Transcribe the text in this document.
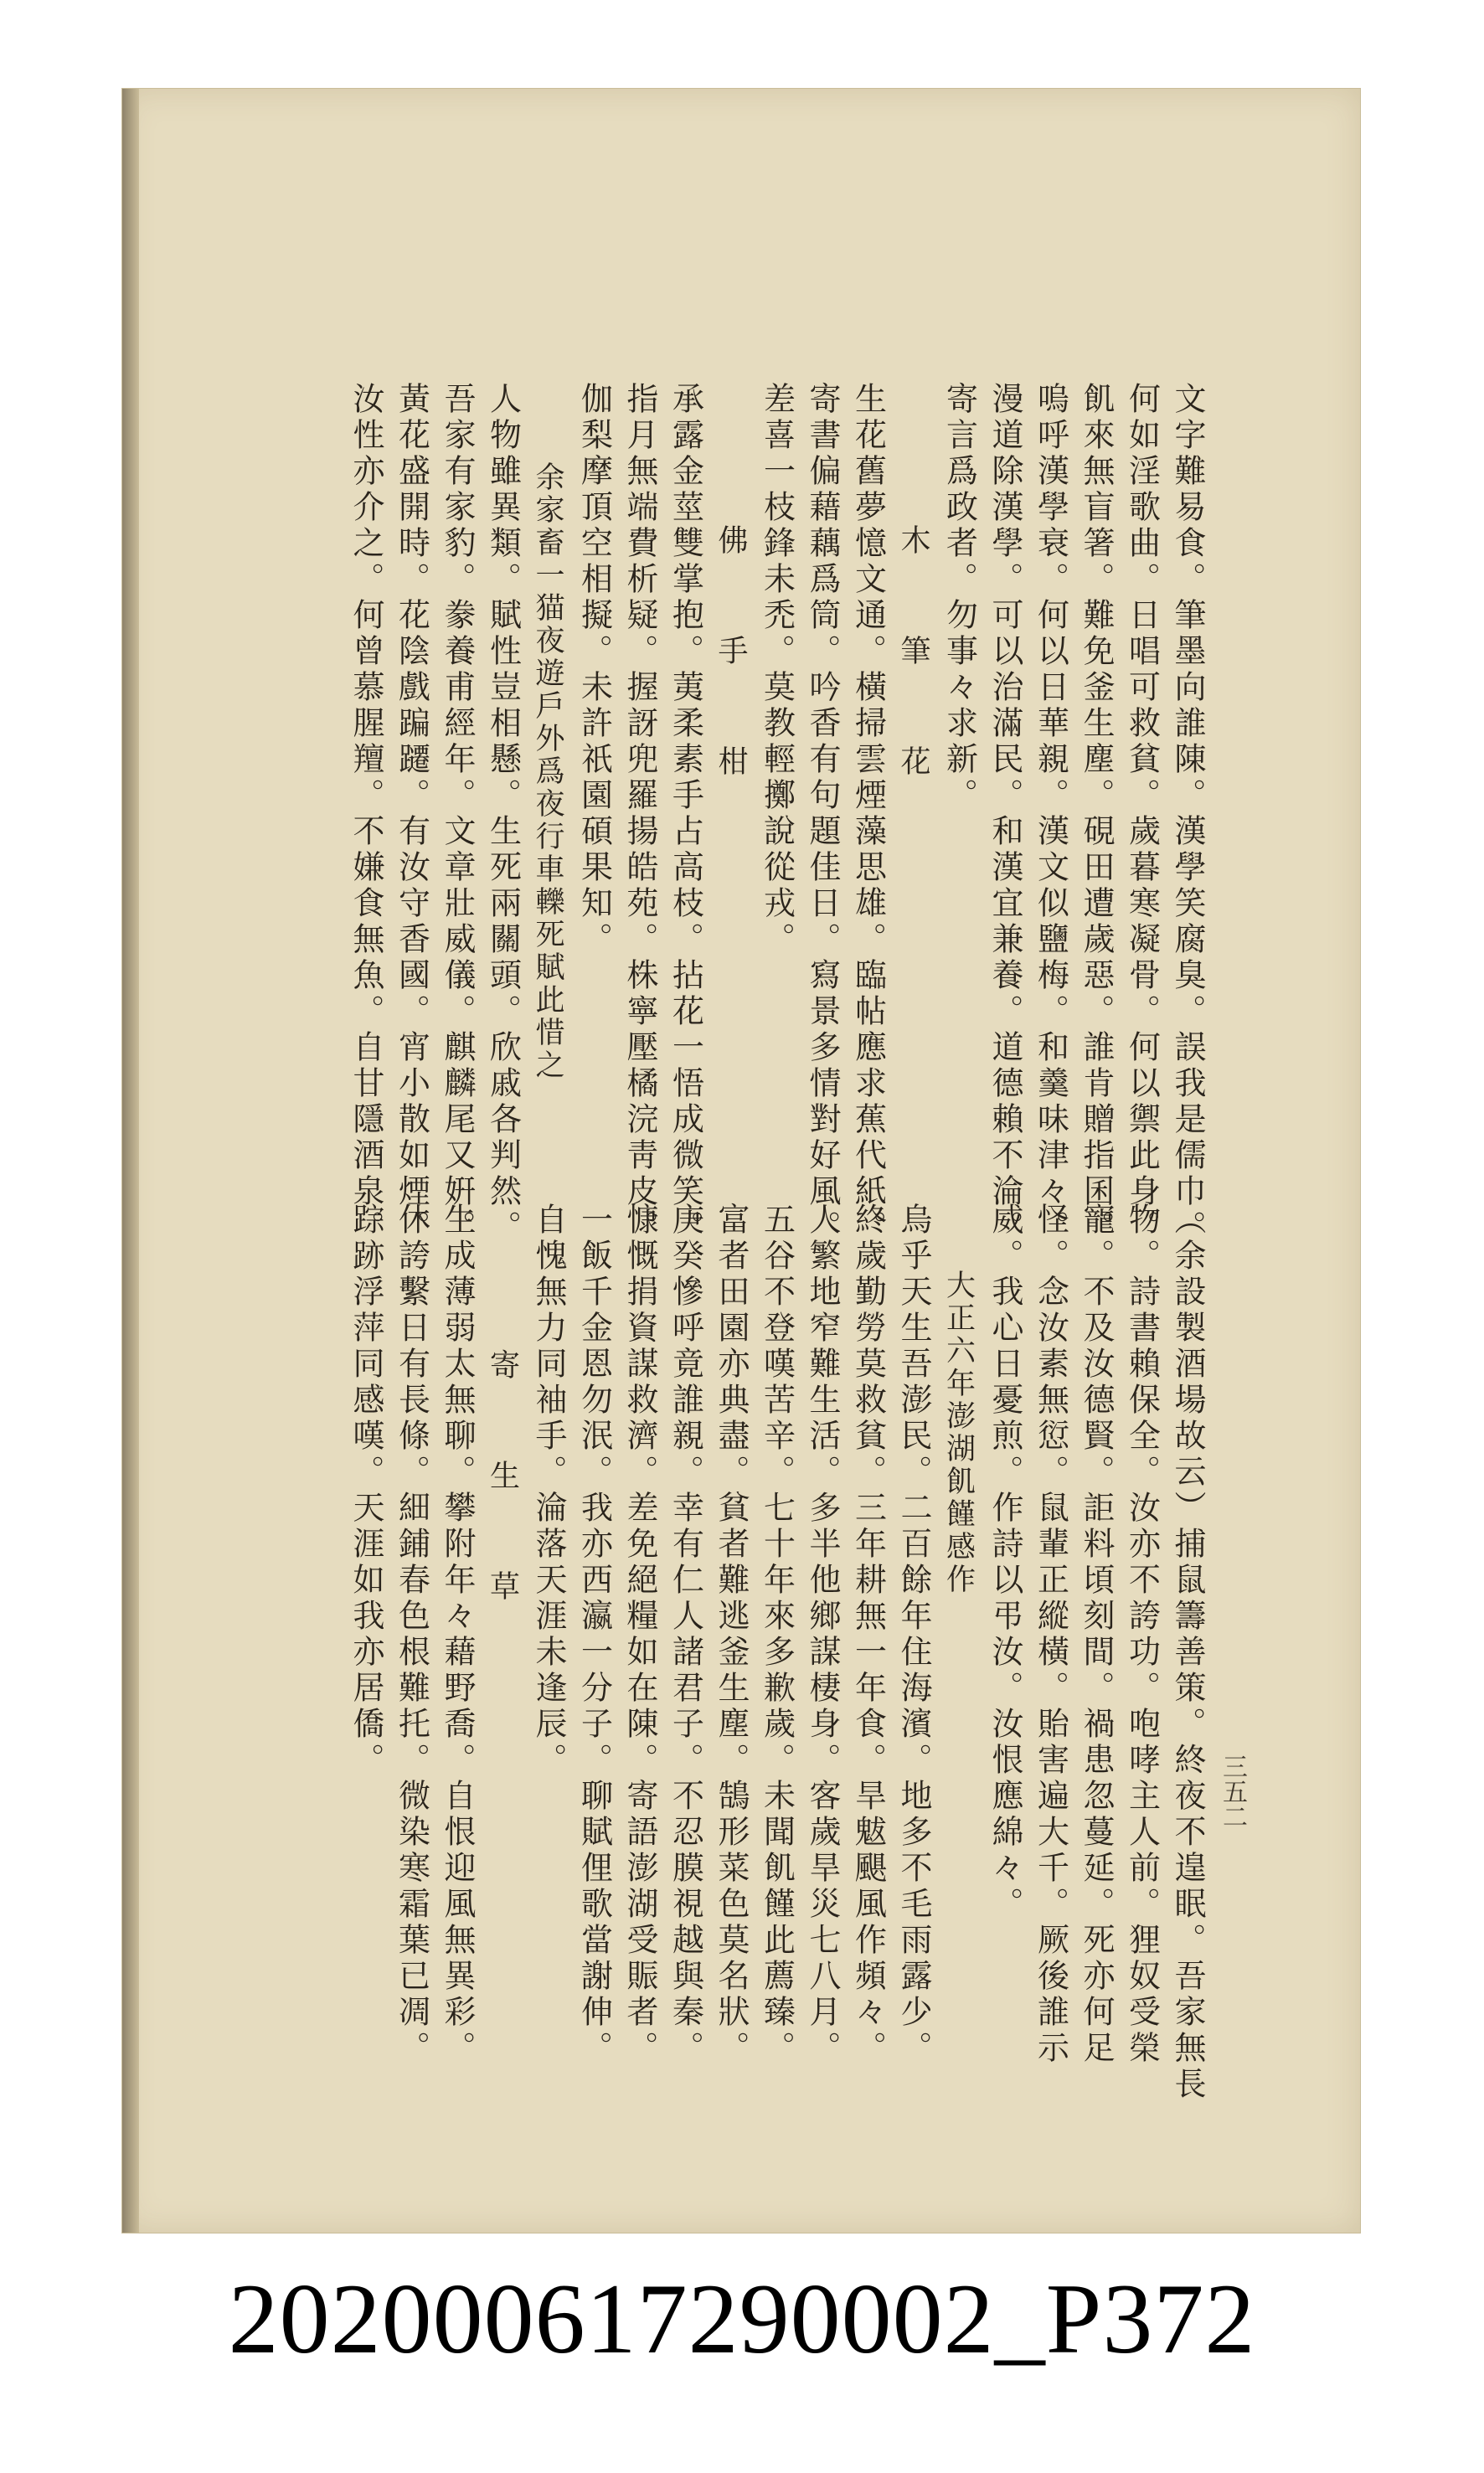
三五二
文字難易食。筆墨向誰陳。漢學笑腐臭。誤我是儒巾。
何如淫歌曲。日唱可救貧。歲暮寒凝骨。何以禦此身。
飢來無盲箸。難免釜生塵。硯田遭歲惡。誰肯贈指囷。
嗚呼漢學衰。何以日華親。漢文似鹽梅。和羹味津々。
漫道除漢學。可以治滿民。和漢宜兼養。道德賴不淪。
寄言爲政者。勿事々求新。
木　筆　花
生花舊夢憶文通。橫掃雲煙藻思雄。臨帖應求蕉代紙。
寄書偏藉藕爲筒。吟香有句題佳日。寫景多情對好風。
差喜一枝鋒未禿。莫教輕擲說從戎。
佛　手　柑
承露金莖雙掌抱。荑柔素手占高枝。拈花一悟成微笑。
指月無端費析疑。握訝兜羅揚皓苑。株寧壓橘浣靑皮。
伽梨摩頂空相擬。未許祇園碩果知。
余家畜一猫夜遊戶外爲夜行車轢死賦此惜之
人物雖異類。賦性豈相懸。生死兩關頭。欣戚各判然。
吾家有家豹。豢養甫經年。文章壯威儀。麒麟尾又姸。
黃花盛開時。花陰戲蹁躚。有汝守香國。宵小散如煙。
汝性亦介之。何曾慕腥羶。不嫌食無魚。自甘隱酒泉。
（余設製酒場故云）捕鼠籌善策。終夜不遑眠。吾家無長
物。詩書賴保全。汝亦不誇功。咆哮主人前。狸奴受榮
寵。不及汝德賢。詎料頃刻間。禍患忽蔓延。死亦何足
怪。念汝素無愆。鼠輩正縱橫。貽害遍大千。厥後誰示
威。我心日憂煎。作詩以弔汝。汝恨應綿々。
大正六年澎湖飢饉感作
烏乎天生吾澎民。二百餘年住海濱。地多不毛雨露少。
終歲勤勞莫救貧。三年耕無一年食。旱魃颶風作頻々。
人繁地窄難生活。多半他鄉謀棲身。客歲旱災七八月。
五谷不登嘆苦辛。七十年來多歉歲。未聞飢饉此薦臻。
富者田園亦典盡。貧者難逃釜生塵。鵠形菜色莫名狀。
庚癸慘呼竟誰親。幸有仁人諸君子。不忍膜視越與秦。
慷慨捐資謀救濟。差免絕糧如在陳。寄語澎湖受賑者。
一飯千金恩勿泯。我亦西瀛一分子。聊賦俚歌當謝伸。
自愧無力同袖手。淪落天涯未逢辰。
寄　生　草
生成薄弱太無聊。攀附年々藉野喬。自恨迎風無異彩。
休誇繫日有長條。細鋪春色根難托。微染寒霜葉已凋。
踪跡浮萍同感嘆。天涯如我亦居僑。
202000617290002_P372
